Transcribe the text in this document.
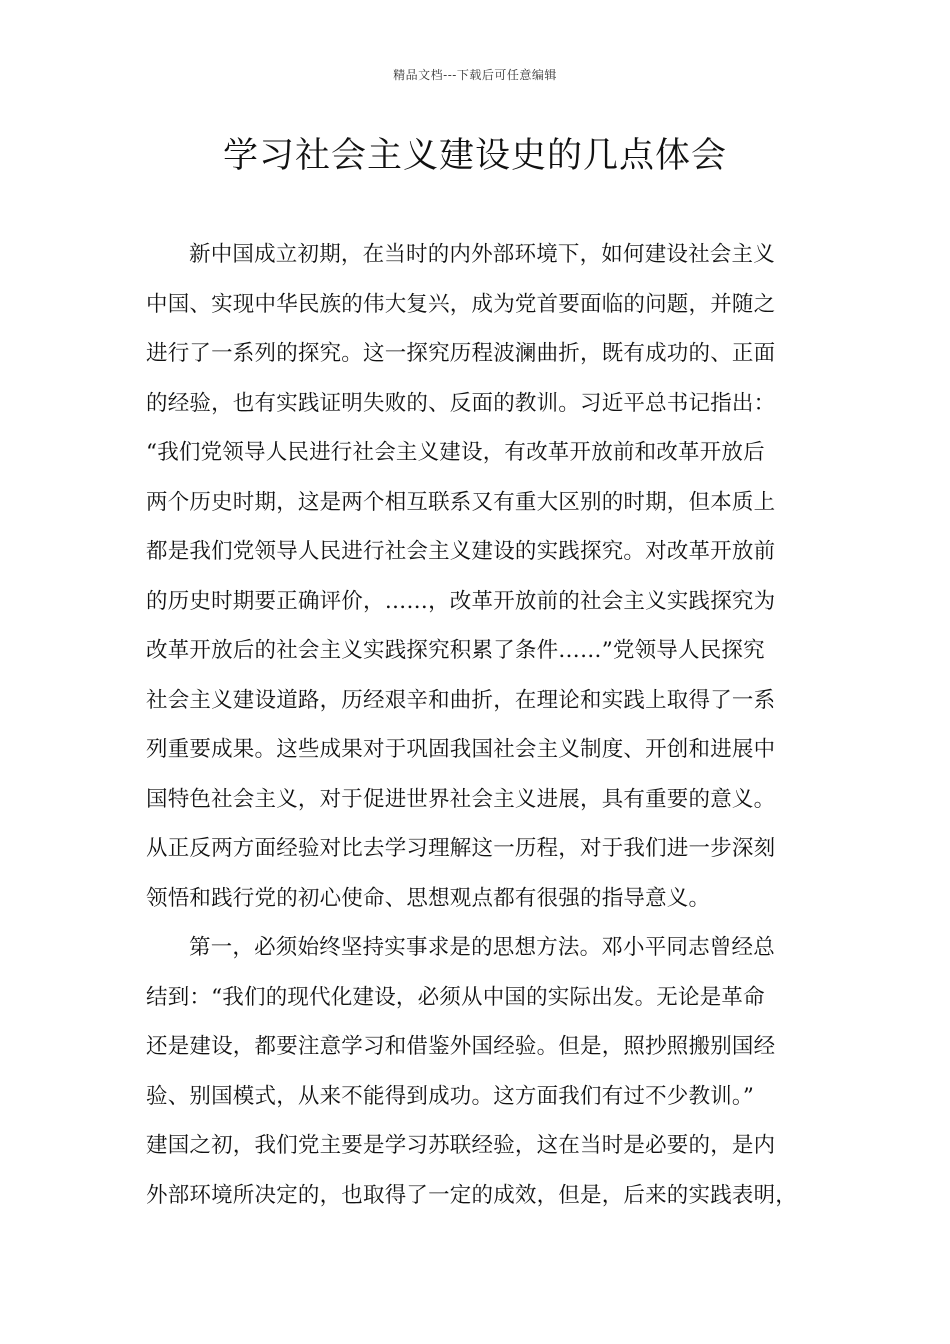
精品文档---下载后可任意编辑
学习社会主义建设史的几点体会
新中国成立初期，在当时的内外部环境下，如何建设社会主义
中国、实现中华民族的伟大复兴，成为党首要面临的问题，并随之
进行了一系列的探究。这一探究历程波澜曲折，既有成功的、正面
的经验，也有实践证明失败的、反面的教训。习近平总书记指出：
“我们党领导人民进行社会主义建设，有改革开放前和改革开放后
两个历史时期，这是两个相互联系又有重大区别的时期，但本质上
都是我们党领导人民进行社会主义建设的实践探究。对改革开放前
的历史时期要正确评价，……，改革开放前的社会主义实践探究为
改革开放后的社会主义实践探究积累了条件……”党领导人民探究
社会主义建设道路，历经艰辛和曲折，在理论和实践上取得了一系
列重要成果。这些成果对于巩固我国社会主义制度、开创和进展中
国特色社会主义，对于促进世界社会主义进展，具有重要的意义。
从正反两方面经验对比去学习理解这一历程，对于我们进一步深刻
领悟和践行党的初心使命、思想观点都有很强的指导意义。
第一，必须始终坚持实事求是的思想方法。邓小平同志曾经总
结到：“我们的现代化建设，必须从中国的实际出发。无论是革命
还是建设，都要注意学习和借鉴外国经验。但是，照抄照搬别国经
验、别国模式，从来不能得到成功。这方面我们有过不少教训。”
建国之初，我们党主要是学习苏联经验，这在当时是必要的，是内
外部环境所决定的，也取得了一定的成效，但是，后来的实践表明，
